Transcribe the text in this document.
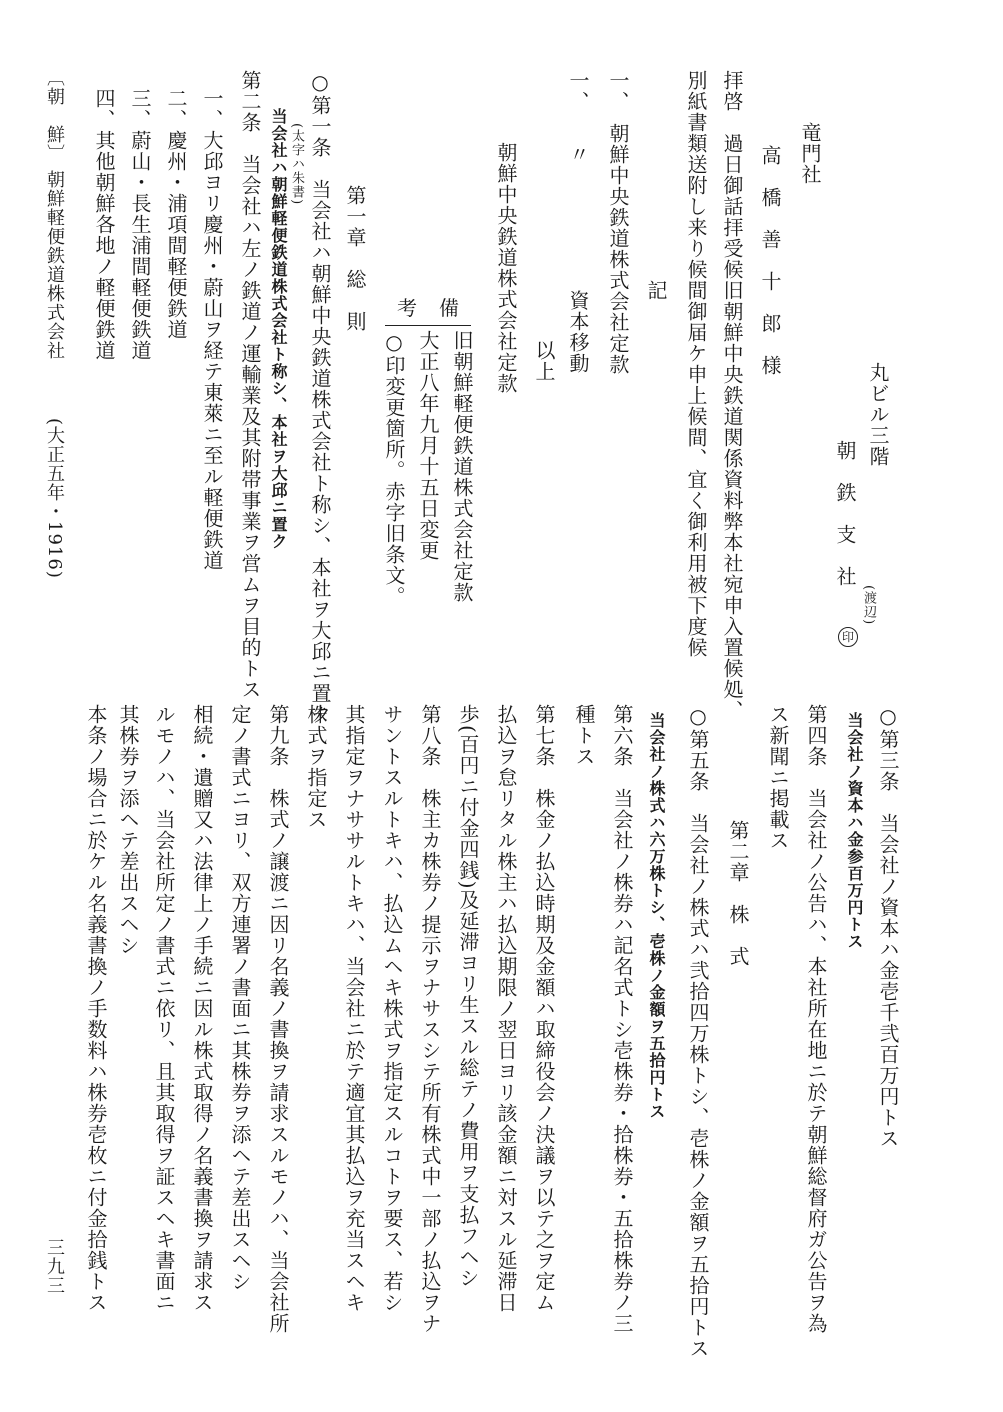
丸ビル三階
朝　鉄　支　社
(渡辺)
印
竜門社
高　橋　善　十　郎　様
拝啓　過日御話拝受候旧朝鮮中央鉄道関係資料弊本社宛申入置候処、
別紙書類送附し来り候間御届ケ申上候間、宜く御利用被下度候
記
一、　朝鮮中央鉄道株式会社定款
一、　　〃
資本移動
以上
朝鮮中央鉄道株式会社定款
考　備
旧朝鮮軽便鉄道株式会社定款
大正八年九月十五日変更
○印変更箇所。赤字旧条文。
第一章　総　則
○第一条　当会社ハ朝鮮中央鉄道株式会社ト称シ、本社ヲ大邱ニ置ク
(太字ハ朱書)
当会社ハ朝鮮軽便鉄道株式会社ト称シ、本社ヲ大邱ニ置ク
第二条　当会社ハ左ノ鉄道ノ運輸業及其附帯事業ヲ営ムヲ目的トス
一、大邱ヨリ慶州・蔚山ヲ経テ東萊ニ至ル軽便鉄道
二、慶州・浦項間軽便鉄道
三、蔚山・長生浦間軽便鉄道
四、其他朝鮮各地ノ軽便鉄道
〔朝　鮮〕
朝鮮軽便鉄道株式会社
(大正五年・1916)
三九三
○第三条　当会社ノ資本ハ金壱千弐百万円トス
当会社ノ資本ハ金参百万円トス
第四条　当会社ノ公告ハ、本社所在地ニ於テ朝鮮総督府ガ公告ヲ為
ス新聞ニ掲載ス
第二章　株　式
○第五条　当会社ノ株式ハ弐拾四万株トシ、壱株ノ金額ヲ五拾円トス
当会社ノ株式ハ六万株トシ、壱株ノ金額ヲ五拾円トス
第六条　当会社ノ株券ハ記名式トシ壱株券・拾株券・五拾株券ノ三
種トス
第七条　株金ノ払込時期及金額ハ取締役会ノ決議ヲ以テ之ヲ定ム
払込ヲ怠リタル株主ハ払込期限ノ翌日ヨリ該金額ニ対スル延滞日
歩(百円ニ付金四銭)及延滞ヨリ生スル総テノ費用ヲ支払フヘシ
第八条　株主カ株券ノ提示ヲナサスシテ所有株式中一部ノ払込ヲナ
サントスルトキハ、払込ムヘキ株式ヲ指定スルコトヲ要ス、若シ
其指定ヲナササルトキハ、当会社ニ於テ適宜其払込ヲ充当スヘキ
株式ヲ指定ス
第九条　株式ノ譲渡ニ因リ名義ノ書換ヲ請求スルモノハ、当会社所
定ノ書式ニヨリ、双方連署ノ書面ニ其株券ヲ添ヘテ差出スヘシ
相続・遺贈又ハ法律上ノ手続ニ因ル株式取得ノ名義書換ヲ請求ス
ルモノハ、当会社所定ノ書式ニ依リ、且其取得ヲ証スヘキ書面ニ
其株券ヲ添ヘテ差出スヘシ
本条ノ場合ニ於ケル名義書換ノ手数料ハ株券壱枚ニ付金拾銭トス
